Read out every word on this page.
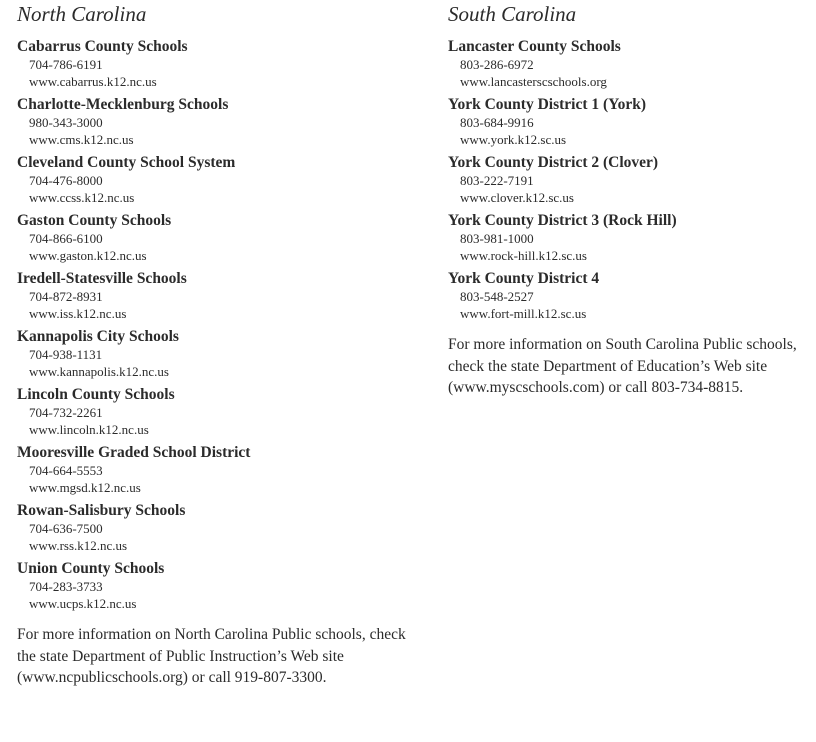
North Carolina
Cabarrus County Schools
704-786-6191
www.cabarrus.k12.nc.us
Charlotte-Mecklenburg Schools
980-343-3000
www.cms.k12.nc.us
Cleveland County School System
704-476-8000
www.ccss.k12.nc.us
Gaston County Schools
704-866-6100
www.gaston.k12.nc.us
Iredell-Statesville Schools
704-872-8931
www.iss.k12.nc.us
Kannapolis City Schools
704-938-1131
www.kannapolis.k12.nc.us
Lincoln County Schools
704-732-2261
www.lincoln.k12.nc.us
Mooresville Graded School District
704-664-5553
www.mgsd.k12.nc.us
Rowan-Salisbury Schools
704-636-7500
www.rss.k12.nc.us
Union County Schools
704-283-3733
www.ucps.k12.nc.us

For more information on North Carolina Public schools, check the state Department of Public Instruction’s Web site (www.ncpublicschools.org) or call 919-807-3300.

South Carolina
Lancaster County Schools
803-286-6972
www.lancasterscschools.org
York County District 1 (York)
803-684-9916
www.york.k12.sc.us
York County District 2 (Clover)
803-222-7191
www.clover.k12.sc.us
York County District 3 (Rock Hill)
803-981-1000
www.rock-hill.k12.sc.us
York County District 4
803-548-2527
www.fort-mill.k12.sc.us

For more information on South Carolina Public schools, check the state Department of Education’s Web site (www.myscschools.com) or call 803-734-8815.
